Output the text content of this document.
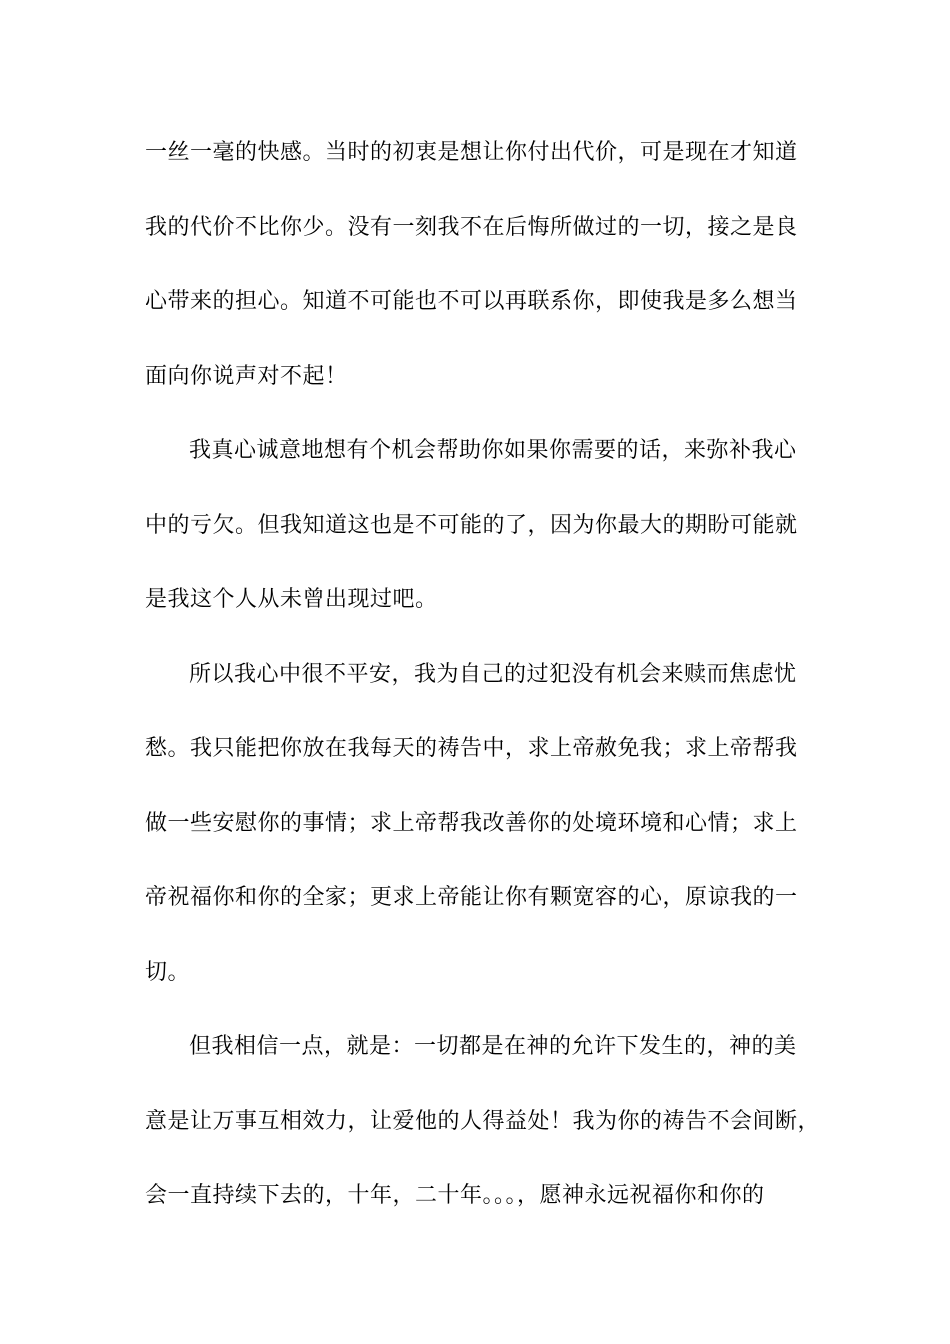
一丝一毫的快感。当时的初衷是想让你付出代价，可是现在才知道
我的代价不比你少。没有一刻我不在后悔所做过的一切，接之是良
心带来的担心。知道不可能也不可以再联系你，即使我是多么想当
面向你说声对不起！
我真心诚意地想有个机会帮助你如果你需要的话，来弥补我心
中的亏欠。但我知道这也是不可能的了，因为你最大的期盼可能就
是我这个人从未曾出现过吧。
所以我心中很不平安，我为自己的过犯没有机会来赎而焦虑忧
愁。我只能把你放在我每天的祷告中，求上帝赦免我；求上帝帮我
做一些安慰你的事情；求上帝帮我改善你的处境环境和心情；求上
帝祝福你和你的全家；更求上帝能让你有颗宽容的心，原谅我的一
切。
但我相信一点，就是：一切都是在神的允许下发生的，神的美
意是让万事互相效力，让爱他的人得益处！我为你的祷告不会间断，
会一直持续下去的，十年，二十年。。。，愿神永远祝福你和你的
